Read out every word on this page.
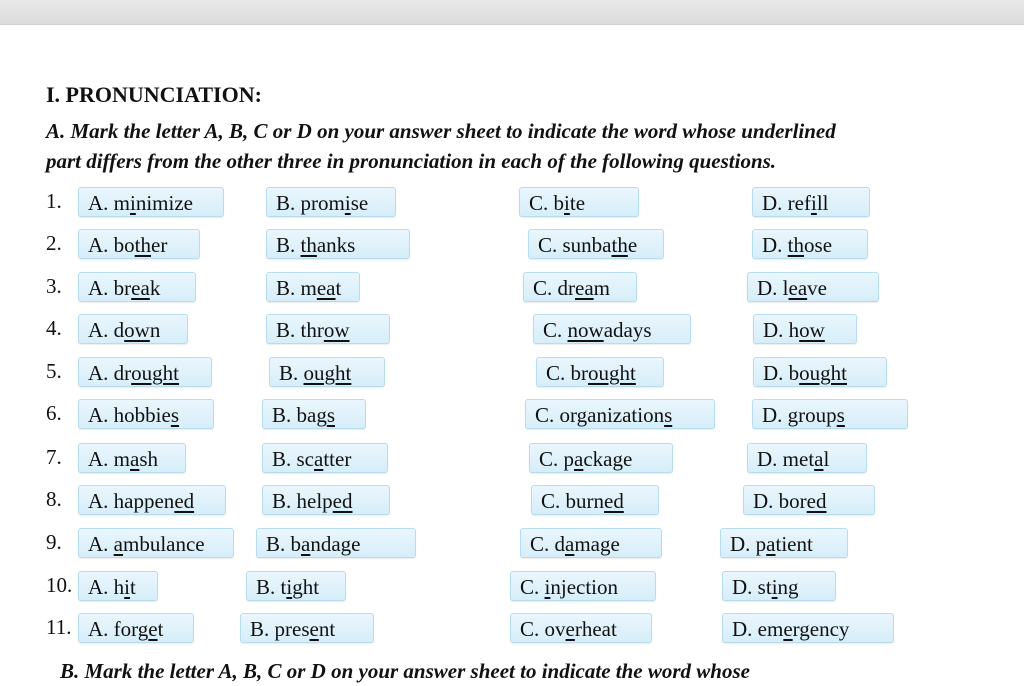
I. PRONUNCIATION:
A. Mark the letter A, B, C or D on your answer sheet to indicate the word whose underlined
part differs from the other three in pronunciation in each of the following questions.
1.	A. minimize	B. promise	C. bite	D. refill
2.	A. bother	B. thanks	C. sunbathe	D. those
3.	A. break	B. meat	C. dream	D. leave
4.	A. down	B. throw	C. nowadays	D. how
5.	A. drought	B. ought	C. brought	D. bought
6.	A. hobbies	B. bags	C. organizations	D. groups
7.	A. mash	B. scatter	C. package	D. metal
8.	A. happened	B. helped	C. burned	D. bored
9.	A. ambulance	B. bandage	C. damage	D. patient
10. A. hit	B. tight	C. injection	D. sting
11. A. forget	B. present	C. overheat	D. emergency
B. Mark the letter A, B, C or D on your answer sheet to indicate the word whose
